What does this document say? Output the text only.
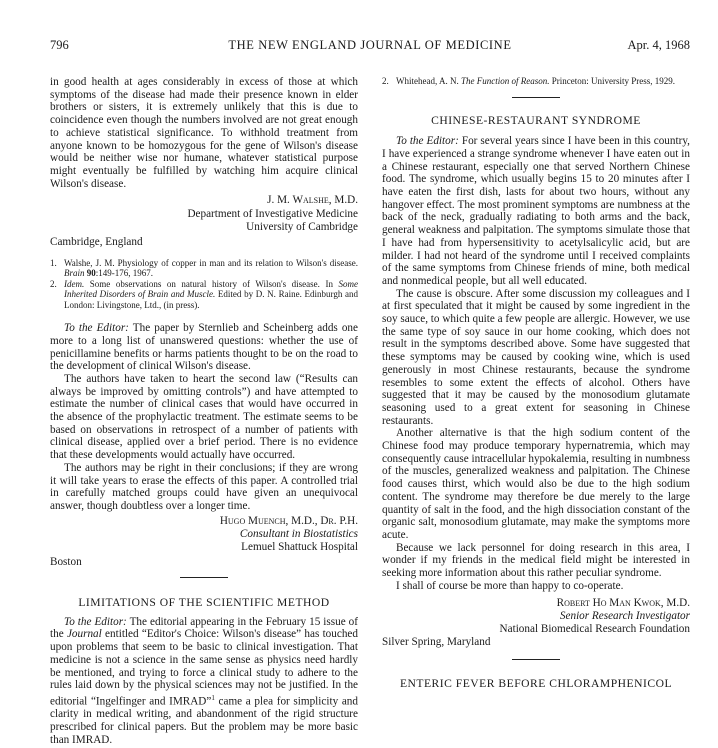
796	THE NEW ENGLAND JOURNAL OF MEDICINE	Apr. 4, 1968

in good health at ages considerably in excess of those at which symptoms of the disease had made their presence known in elder brothers or sisters, it is extremely unlikely that this is due to coincidence even though the numbers involved are not great enough to achieve statistical significance. To withhold treatment from anyone known to be homozygous for the gene of Wilson's disease would be neither wise nor humane, whatever statistical purpose might eventually be fulfilled by watching him acquire clinical Wilson's disease.

J. M. Walshe, M.D.

Department of Investigative Medicine

University of Cambridge

Cambridge, England

1. Walshe, J. M. Physiology of copper in man and its relation to Wilson's disease. Brain 90:149-176, 1967.
2. Idem. Some observations on natural history of Wilson's disease. In Some Inherited Disorders of Brain and Muscle. Edited by D. N. Raine. Edinburgh and London: Livingstone, Ltd., (in press).

To the Editor: The paper by Sternlieb and Scheinberg adds one more to a long list of unanswered questions: whether the use of penicillamine benefits or harms patients thought to be on the road to the development of clinical Wilson's disease.

The authors have taken to heart the second law (“Results can always be improved by omitting controls”) and have attempted to estimate the number of clinical cases that would have occurred in the absence of the prophylactic treatment. The estimate seems to be based on observations in retrospect of a number of patients with clinical disease, applied over a brief period. There is no evidence that these developments would actually have occurred.

The authors may be right in their conclusions; if they are wrong it will take years to erase the effects of this paper. A controlled trial in carefully matched groups could have given an unequivocal answer, though doubtless over a longer time.

Hugo Muench, M.D., Dr. P.H.

Consultant in Biostatistics

Lemuel Shattuck Hospital

Boston

LIMITATIONS OF THE SCIENTIFIC METHOD

To the Editor: The editorial appearing in the February 15 issue of the Journal entitled “Editor's Choice: Wilson's disease” has touched upon problems that seem to be basic to clinical investigation. That medicine is not a science in the same sense as physics need hardly be mentioned, and trying to force a clinical study to adhere to the rules laid down by the physical sciences may not be justified. In the editorial “Ingelfinger and IMRAD”$^1$ came a plea for simplicity and clarity in medical writing, and abandonment of the rigid structure prescribed for clinical papers. But the problem may be more basic than IMRAD.

2. Whitehead, A. N. The Function of Reason. Princeton: University Press, 1929.
CHINESE-RESTAURANT SYNDROME

To the Editor: For several years since I have been in this country, I have experienced a strange syndrome whenever I have eaten out in a Chinese restaurant, especially one that served Northern Chinese food. The syndrome, which usually begins 15 to 20 minutes after I have eaten the first dish, lasts for about two hours, without any hangover effect. The most prominent symptoms are numbness at the back of the neck, gradually radiating to both arms and the back, general weakness and palpitation. The symptoms simulate those that I have had from hypersensitivity to acetylsalicylic acid, but are milder. I had not heard of the syndrome until I received complaints of the same symptoms from Chinese friends of mine, both medical and nonmedical people, but all well educated.

The cause is obscure. After some discussion my colleagues and I at first speculated that it might be caused by some ingredient in the soy sauce, to which quite a few people are allergic. However, we use the same type of soy sauce in our home cooking, which does not result in the symptoms described above. Some have suggested that these symptoms may be caused by cooking wine, which is used generously in most Chinese restaurants, because the syndrome resembles to some extent the effects of alcohol. Others have suggested that it may be caused by the monosodium glutamate seasoning used to a great extent for seasoning in Chinese restaurants.

Another alternative is that the high sodium content of the Chinese food may produce temporary hypernatremia, which may consequently cause intracellular hypokalemia, resulting in numbness of the muscles, generalized weakness and palpitation. The Chinese food causes thirst, which would also be due to the high sodium content. The syndrome may therefore be due merely to the large quantity of salt in the food, and the high dissociation constant of the organic salt, monosodium glutamate, may make the symptoms more acute.

Because we lack personnel for doing research in this area, I wonder if my friends in the medical field might be interested in seeking more information about this rather peculiar syndrome.

I shall of course be more than happy to co-operate.

Robert Ho Man Kwok, M.D.

Senior Research Investigator

National Biomedical Research Foundation

Silver Spring, Maryland

ENTERIC FEVER BEFORE CHLORAMPHENICOL
